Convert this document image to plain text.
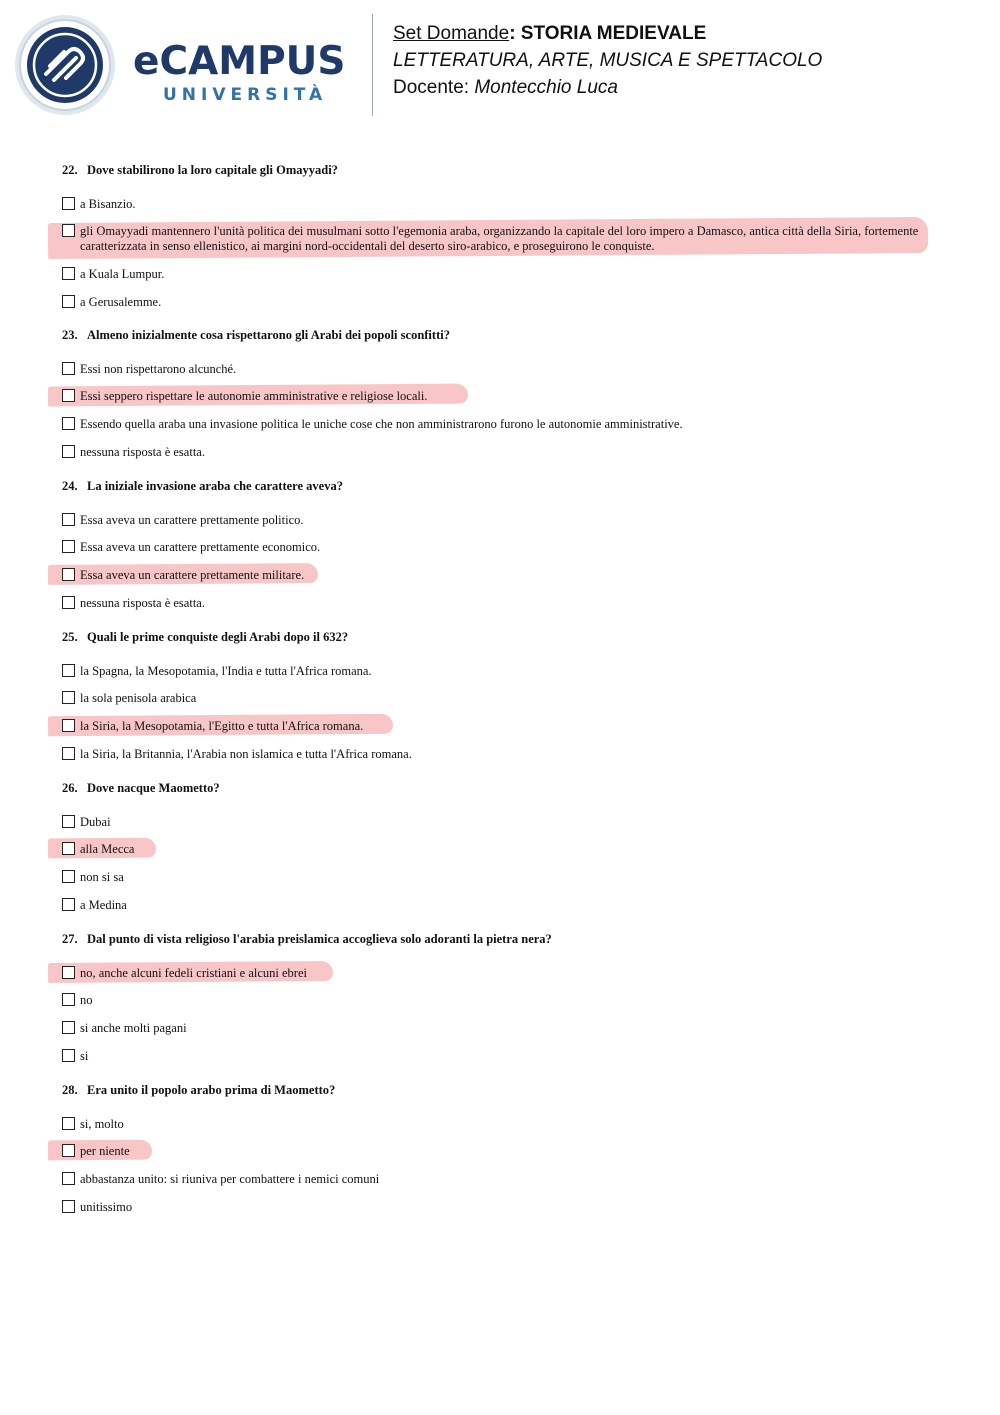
eCAMPUS
UNIVERSITÀ
Set Domande: STORIA MEDIEVALE
LETTERATURA, ARTE, MUSICA E SPETTACOLO
Docente: Montecchio Luca
22. Dove stabilirono la loro capitale gli Omayyadi?
a Bisanzio.
gli Omayyadi mantennero l'unità politica dei musulmani sotto l'egemonia araba, organizzando la capitale del loro impero a Damasco, antica città della Siria, fortemente caratterizzata in senso ellenistico, ai margini nord-occidentali del deserto siro-arabico, e proseguirono le conquiste.
a Kuala Lumpur.
a Gerusalemme.
23. Almeno inizialmente cosa rispettarono gli Arabi dei popoli sconfitti?
Essi non rispettarono alcunché.
Essi seppero rispettare le autonomie amministrative e religiose locali.
Essendo quella araba una invasione politica le uniche cose che non amministrarono furono le autonomie amministrative.
nessuna risposta è esatta.
24. La iniziale invasione araba che carattere aveva?
Essa aveva un carattere prettamente politico.
Essa aveva un carattere prettamente economico.
Essa aveva un carattere prettamente militare.
nessuna risposta è esatta.
25. Quali le prime conquiste degli Arabi dopo il 632?
la Spagna, la Mesopotamia, l'India e tutta l'Africa romana.
la sola penisola arabica
la Siria, la Mesopotamia, l'Egitto e tutta l'Africa romana.
la Siria, la Britannia, l'Arabia non islamica e tutta l'Africa romana.
26. Dove nacque Maometto?
Dubai
alla Mecca
non si sa
a Medina
27. Dal punto di vista religioso l'arabia preislamica accoglieva solo adoranti la pietra nera?
no, anche alcuni fedeli cristiani e alcuni ebrei
no
si anche molti pagani
si
28. Era unito il popolo arabo prima di Maometto?
si, molto
per niente
abbastanza unito: si riuniva per combattere i nemici comuni
unitissimo
